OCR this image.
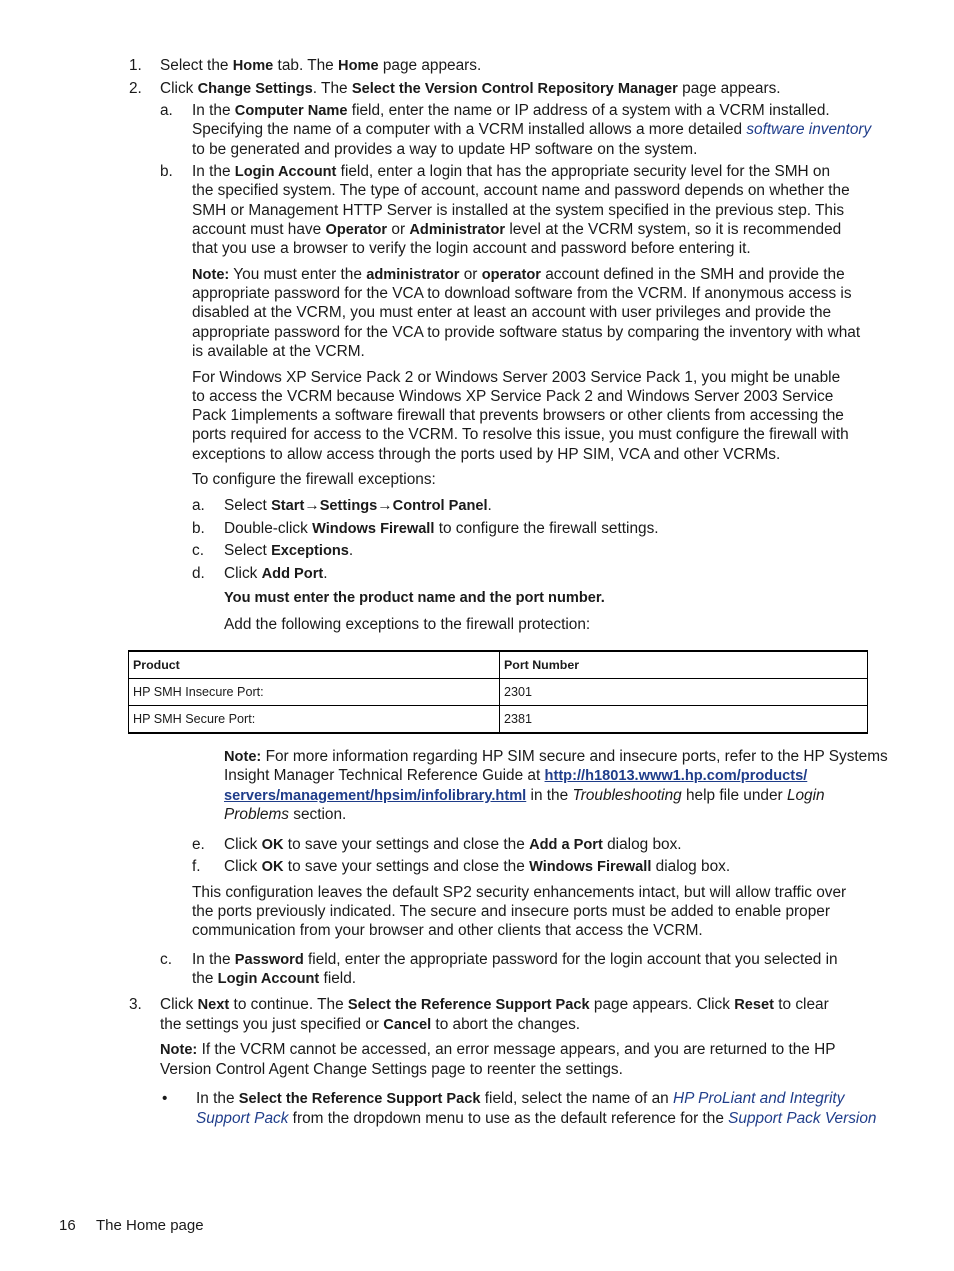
1. Select the Home tab. The Home page appears.
2. Click Change Settings. The Select the Version Control Repository Manager page appears.
a. In the Computer Name field, enter the name or IP address of a system with a VCRM installed.
Specifying the name of a computer with a VCRM installed allows a more detailed software inventory
to be generated and provides a way to update HP software on the system.
b. In the Login Account field, enter a login that has the appropriate security level for the SMH on
the specified system. The type of account, account name and password depends on whether the
SMH or Management HTTP Server is installed at the system specified in the previous step. This
account must have Operator or Administrator level at the VCRM system, so it is recommended
that you use a browser to verify the login account and password before entering it.
Note: You must enter the administrator or operator account defined in the SMH and provide the
appropriate password for the VCA to download software from the VCRM. If anonymous access is
disabled at the VCRM, you must enter at least an account with user privileges and provide the
appropriate password for the VCA to provide software status by comparing the inventory with what
is available at the VCRM.
For Windows XP Service Pack 2 or Windows Server 2003 Service Pack 1, you might be unable
to access the VCRM because Windows XP Service Pack 2 and Windows Server 2003 Service
Pack 1implements a software firewall that prevents browsers or other clients from accessing the
ports required for access to the VCRM. To resolve this issue, you must configure the firewall with
exceptions to allow access through the ports used by HP SIM, VCA and other VCRMs.
To configure the firewall exceptions:
a. Select Start→Settings→Control Panel.
b. Double-click Windows Firewall to configure the firewall settings.
c. Select Exceptions.
d. Click Add Port.
You must enter the product name and the port number.
Add the following exceptions to the firewall protection:
Product	Port Number
HP SMH Insecure Port:	2301
HP SMH Secure Port:	2381
Note: For more information regarding HP SIM secure and insecure ports, refer to the HP Systems
Insight Manager Technical Reference Guide at http://h18013.www1.hp.com/products/
servers/management/hpsim/infolibrary.html in the Troubleshooting help file under Login
Problems section.
e. Click OK to save your settings and close the Add a Port dialog box.
f. Click OK to save your settings and close the Windows Firewall dialog box.
This configuration leaves the default SP2 security enhancements intact, but will allow traffic over
the ports previously indicated. The secure and insecure ports must be added to enable proper
communication from your browser and other clients that access the VCRM.
c. In the Password field, enter the appropriate password for the login account that you selected in
the Login Account field.
3. Click Next to continue. The Select the Reference Support Pack page appears. Click Reset to clear
the settings you just specified or Cancel to abort the changes.
Note: If the VCRM cannot be accessed, an error message appears, and you are returned to the HP
Version Control Agent Change Settings page to reenter the settings.
• In the Select the Reference Support Pack field, select the name of an HP ProLiant and Integrity
Support Pack from the dropdown menu to use as the default reference for the Support Pack Version
16 The Home page
